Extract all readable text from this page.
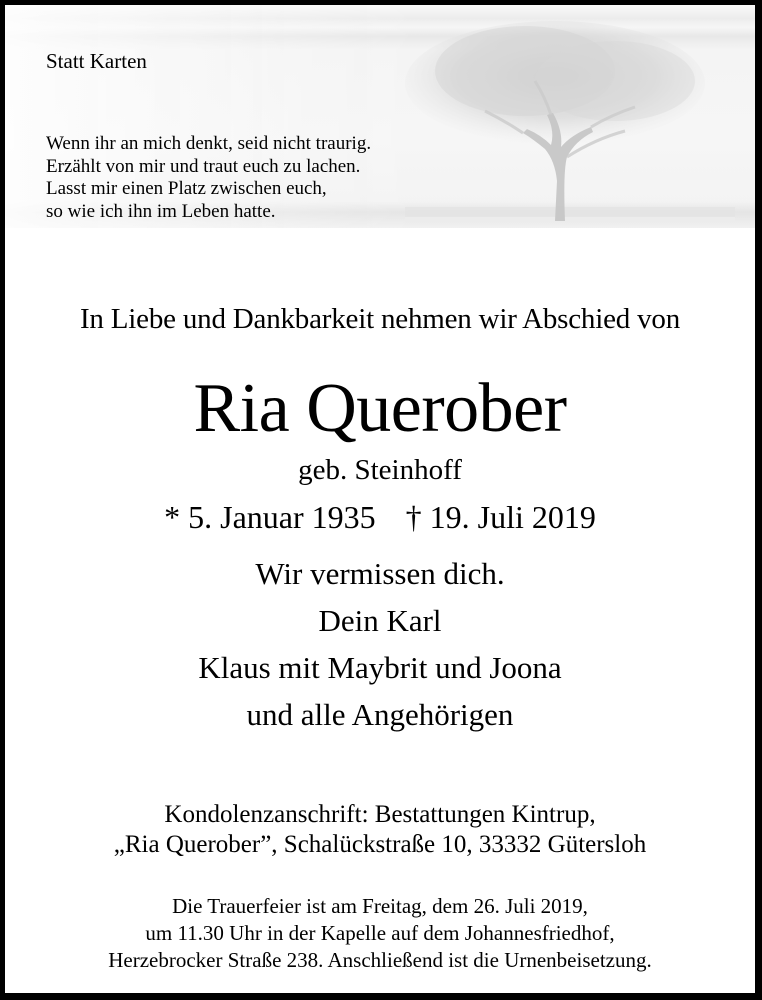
Statt Karten
Wenn ihr an mich denkt, seid nicht traurig.
Erzählt von mir und traut euch zu lachen.
Lasst mir einen Platz zwischen euch,
so wie ich ihn im Leben hatte.
In Liebe und Dankbarkeit nehmen wir Abschied von
Ria Querober
geb. Steinhoff
* 5. Januar 1935 † 19. Juli 2019
Wir vermissen dich.
Dein Karl
Klaus mit Maybrit und Joona
und alle Angehörigen
Kondolenzanschrift: Bestattungen Kintrup,
„Ria Querober”, Schalückstraße 10, 33332 Gütersloh
Die Trauerfeier ist am Freitag, dem 26. Juli 2019,
um 11.30 Uhr in der Kapelle auf dem Johannesfriedhof,
Herzebrocker Straße 238. Anschließend ist die Urnenbeisetzung.
